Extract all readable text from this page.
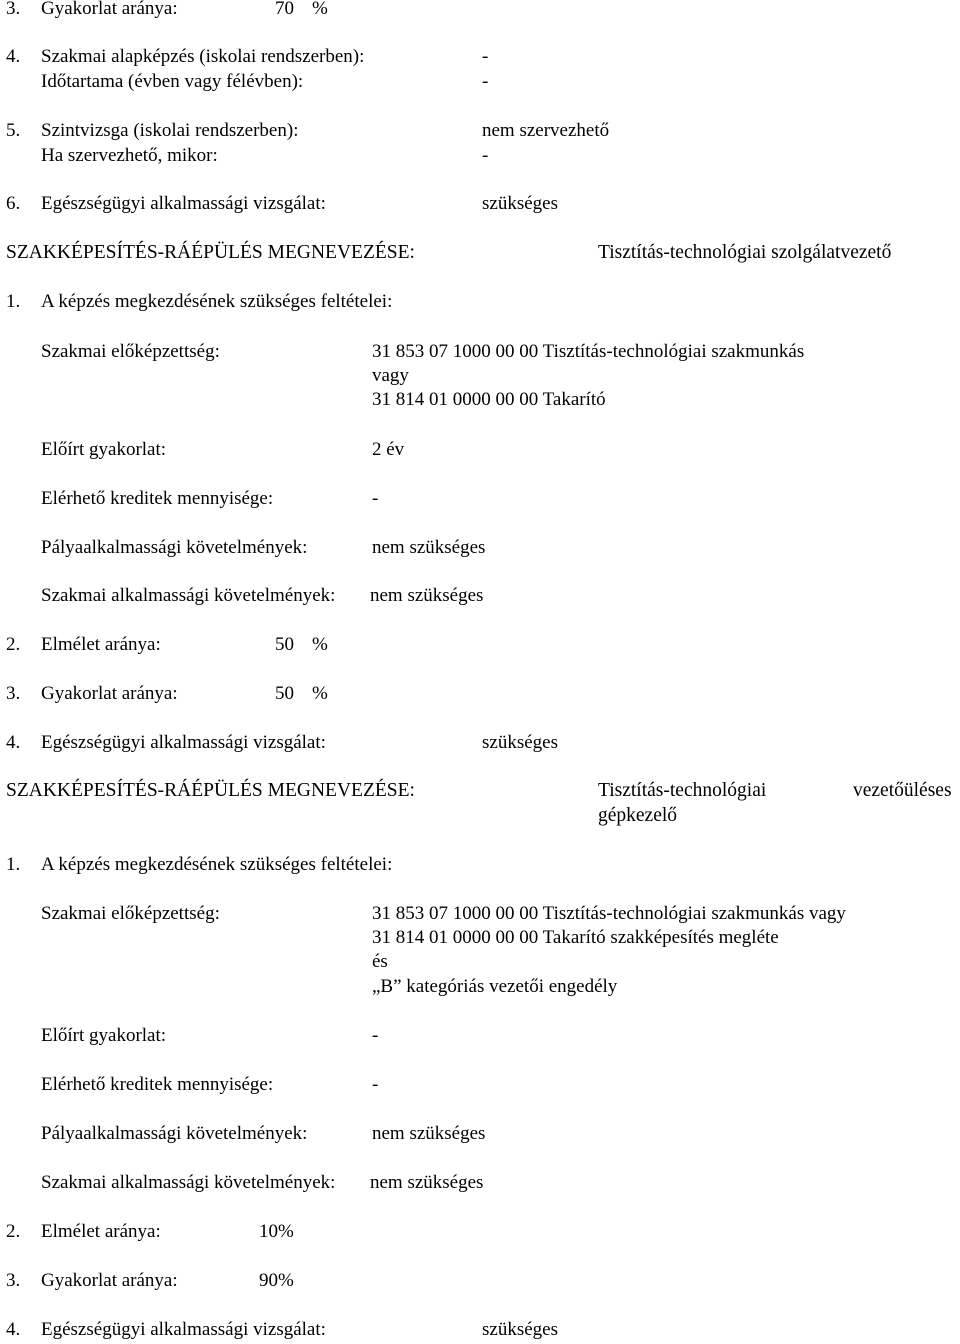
3. Gyakorlat aránya:	70 %
4. Szakmai alapképzés (iskolai rendszerben):	-
Időtartama (évben vagy félévben):	-
5. Szintvizsga (iskolai rendszerben):	nem szervezhető
Ha szervezhető, mikor:	-
6. Egészségügyi alkalmassági vizsgálat:	szükséges
SZAKKÉPESÍTÉS-RÁÉPÜLÉS MEGNEVEZÉSE:	Tisztítás-technológiai szolgálatvezető
1. A képzés megkezdésének szükséges feltételei:
Szakmai előképzettség:	31 853 07 1000 00 00 Tisztítás-technológiai szakmunkás
vagy
31 814 01 0000 00 00 Takarító
Előírt gyakorlat:	2 év
Elérhető kreditek mennyisége:	-
Pályaalkalmassági követelmények:	nem szükséges
Szakmai alkalmassági követelmények: nem szükséges
2. Elmélet aránya:	50 %
3. Gyakorlat aránya:	50 %
4. Egészségügyi alkalmassági vizsgálat:	szükséges
SZAKKÉPESÍTÉS-RÁÉPÜLÉS MEGNEVEZÉSE:	Tisztítás-technológiai	vezetőüléses
gépkezelő
1. A képzés megkezdésének szükséges feltételei:
Szakmai előképzettség:	31 853 07 1000 00 00 Tisztítás-technológiai szakmunkás vagy
31 814 01 0000 00 00 Takarító szakképesítés megléte
és
„B” kategóriás vezetői engedély
Előírt gyakorlat:	-
Elérhető kreditek mennyisége:	-
Pályaalkalmassági követelmények:	nem szükséges
Szakmai alkalmassági követelmények: nem szükséges
2. Elmélet aránya:	10%
3. Gyakorlat aránya:	90%
4. Egészségügyi alkalmassági vizsgálat:	szükséges
